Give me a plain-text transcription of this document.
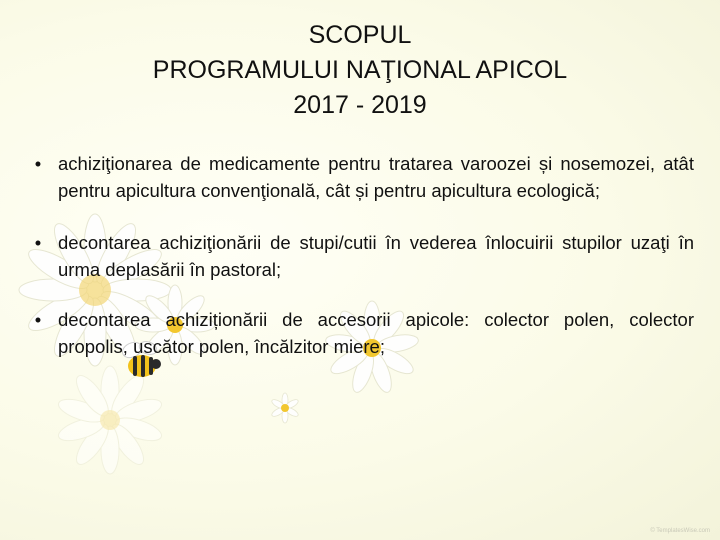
SCOPUL
PROGRAMULUI NAŢIONAL APICOL
2017 - 2019
• achiziţionarea de medicamente pentru tratarea varoozei și nosemozei, atât pentru apicultura convenţională, cât și pentru apicultura ecologică;
• decontarea achiziţionării de stupi/cutii în vederea înlocuirii stupilor uzaţi în urma deplasării în pastoral;
• decontarea achiziționării de accesorii apicole: colector polen, colector propolis, uscător polen, încălzitor miere;
© TemplatesWise.com
